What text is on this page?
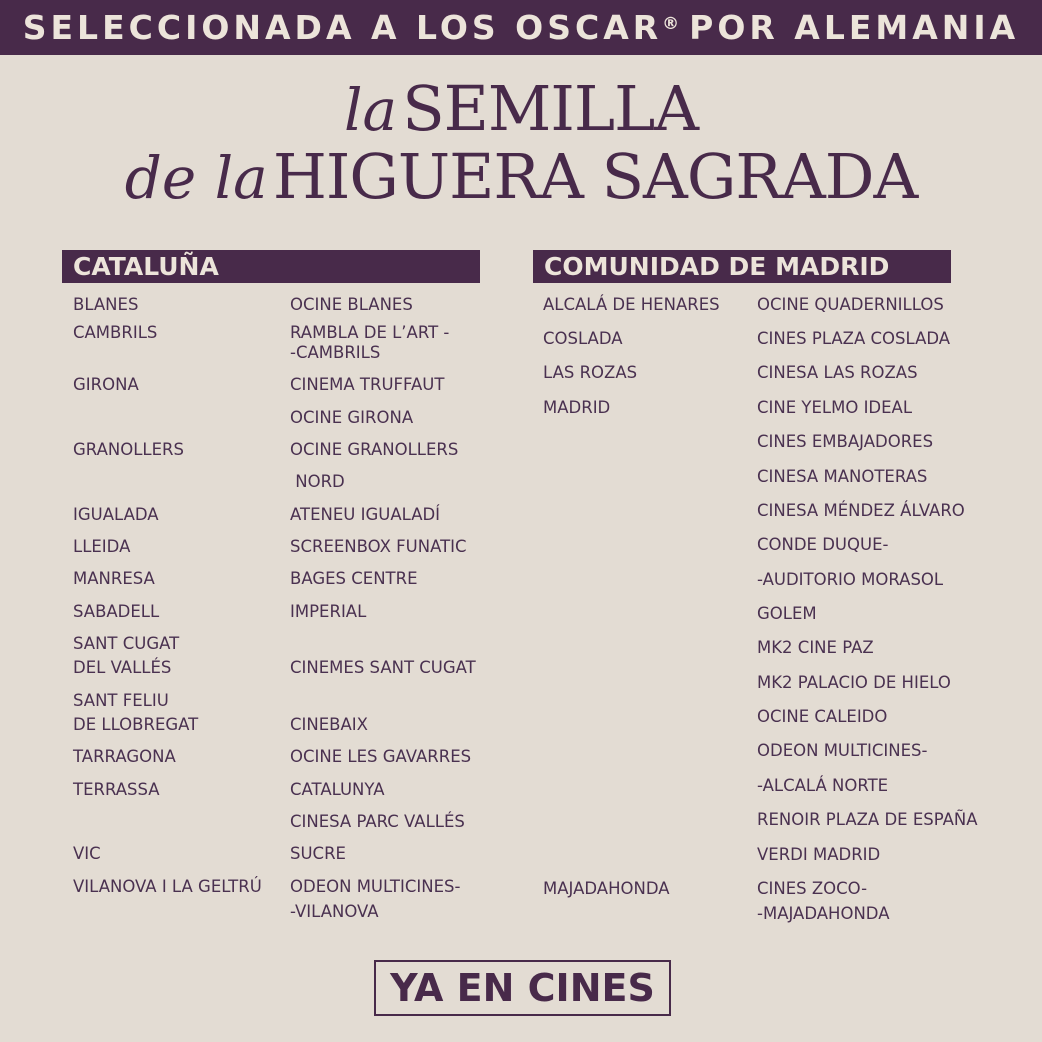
SELECCIONADA A LOS OSCAR® POR ALEMANIA
la SEMILLA
de la HIGUERA SAGRADA
CATALUÑA	COMUNIDAD DE MADRID
BLANES
CAMBRILS
GIRONA
GRANOLLERS
IGUALADA
LLEIDA
MANRESA
SABADELL
SANT CUGAT
DEL VALLÉS
SANT FELIU
DE LLOBREGAT
TARRAGONA
TERRASSA
VIC
VILANOVA I LA GELTRÚ
OCINE BLANES
RAMBLA DE L’ART -
-CAMBRILS
CINEMA TRUFFAUT
OCINE GIRONA
OCINE GRANOLLERS
NORD
ATENEU IGUALADÍ
SCREENBOX FUNATIC
BAGES CENTRE
IMPERIAL
CINEMES SANT CUGAT
CINEBAIX
OCINE LES GAVARRES
CATALUNYA
CINESA PARC VALLÉS
SUCRE
ODEON MULTICINES-
-VILANOVA
ALCALÁ DE HENARES
COSLADA
LAS ROZAS
MADRID
MAJADAHONDA
OCINE QUADERNILLOS
CINES PLAZA COSLADA
CINESA LAS ROZAS
CINE YELMO IDEAL
CINES EMBAJADORES
CINESA MANOTERAS
CINESA MÉNDEZ ÁLVARO
CONDE DUQUE-
-AUDITORIO MORASOL
GOLEM
MK2 CINE PAZ
MK2 PALACIO DE HIELO
OCINE CALEIDO
ODEON MULTICINES-
-ALCALÁ NORTE
RENOIR PLAZA DE ESPAÑA
VERDI MADRID
CINES ZOCO-
-MAJADAHONDA
YA EN CINES
